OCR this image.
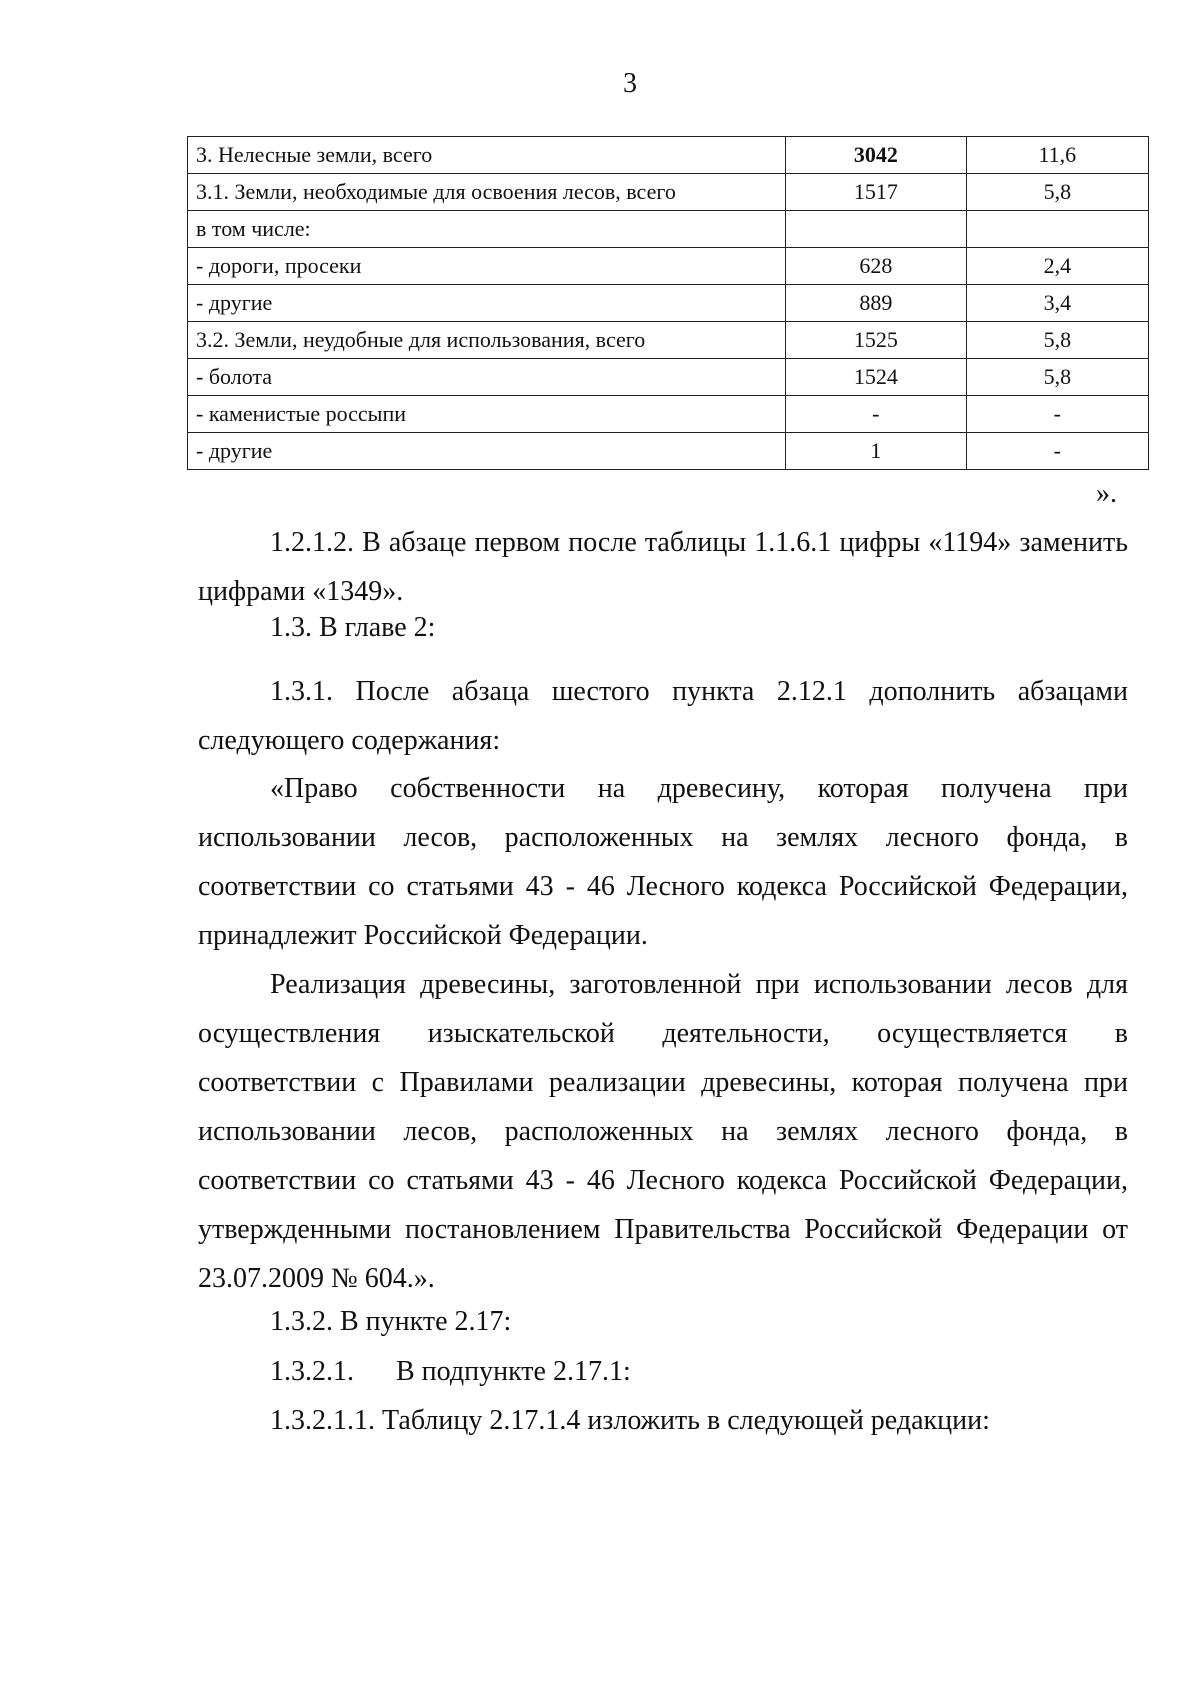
3
3. Нелесные земли, всего	3042	11,6
3.1. Земли, необходимые для освоения лесов, всего	1517	5,8
в том числе:		
- дороги, просеки	628	2,4
- другие	889	3,4
3.2. Земли, неудобные для использования, всего	1525	5,8
- болота	1524	5,8
- каменистые россыпи	-	-
- другие	1	-
».
1.2.1.2. В абзаце первом после таблицы 1.1.6.1 цифры «1194» заменить цифрами «1349».
1.3. В главе 2:
1.3.1. После абзаца шестого пункта 2.12.1 дополнить абзацами следующего содержания:
«Право собственности на древесину, которая получена при использовании лесов, расположенных на землях лесного фонда, в соответствии со статьями 43 - 46 Лесного кодекса Российской Федерации, принадлежит Российской Федерации.
Реализация древесины, заготовленной при использовании лесов для осуществления изыскательской деятельности, осуществляется в соответствии с Правилами реализации древесины, которая получена при использовании лесов, расположенных на землях лесного фонда, в соответствии со статьями 43 - 46 Лесного кодекса Российской Федерации, утвержденными постановлением Правительства Российской Федерации от 23.07.2009 № 604.».
1.3.2. В пункте 2.17:
1.3.2.1.      В подпункте 2.17.1:
1.3.2.1.1. Таблицу 2.17.1.4 изложить в следующей редакции:
